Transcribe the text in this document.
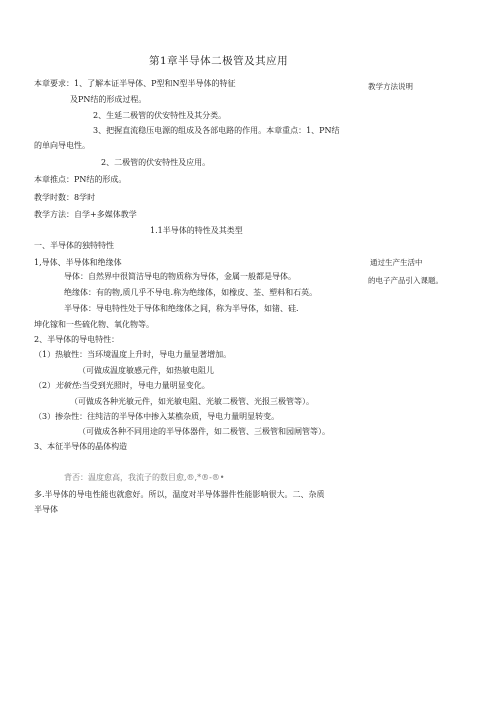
第1章半导体二极管及其应用
教学方法说明
本章要求：1、了解本证半导体、P型和N型半导体的特征
及PN结的形成过程。
2、生延二极管的伏安特性及其分类。
3、把握直流稳压电源的组成及各部电路的作用。本章重点：1、PN结
的单向导电性。
2、二极管的伏安特性及应用。
本章推点：PN结的形成。
教学时数：8学时
教学方法：自学+多媒体教学
1.1半导体的特性及其类型
一、半导体的独特特性
1,导体、半导体和绝缘体	通过生产生活中
导体：自然界中很简洁导电的物质称为导体，金属一般都是导体。	的电子产品引入课题。
绝缘体：有的物,质几乎不导电.称为绝缘体，如橡皮、荃、塑料和石英。
半导体：导电特性处于导体和绝缘体之间，称为半导体，如锗、硅.
坤化镓和一些硫化物、氧化物等。
2、半导体的导电特性：
（1）热敏性：当环境温度上升时，导电力量显著增加。
（可做成温度敏感元件，如热敏电阻儿
（2）光敏性:当受到光照时，导电力量明显变化。
（可做成各种光敏元件，如光敏电阻、光敏二极管、光报三极管等）。
（3）掺杂性：往纯洁的半导体中掺入某樵杂质，导电力量明显转变。
（可做成各种不同用途的半导体器件，如二极管、三极管和园闸管等）。
3、本征半导体的晶体构造
背否：温度愈高，我流子的数目愈,®,*®-®•
多.半导体的导电性能也就愈好。所以，温度对半导体器件性能影响很大。二、杂质
半导体
